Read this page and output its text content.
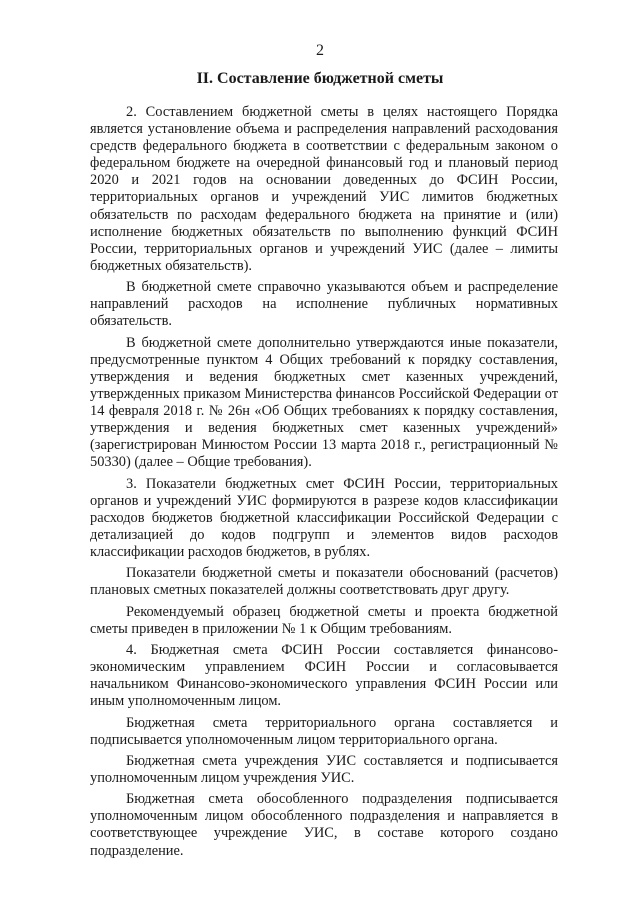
2
II. Составление бюджетной сметы

2. Составлением бюджетной сметы в целях настоящего Порядка является установление объема и распределения направлений расходования средств федерального бюджета в соответствии с федеральным законом о федеральном бюджете на очередной финансовый год и плановый период 2020 и 2021 годов на основании доведенных до ФСИН России, территориальных органов и учреждений УИС лимитов бюджетных обязательств по расходам федерального бюджета на принятие и (или) исполнение бюджетных обязательств по выполнению функций ФСИН России, территориальных органов и учреждений УИС (далее – лимиты бюджетных обязательств).

В бюджетной смете справочно указываются объем и распределение направлений расходов на исполнение публичных нормативных обязательств.

В бюджетной смете дополнительно утверждаются иные показатели, предусмотренные пунктом 4 Общих требований к порядку составления, утверждения и ведения бюджетных смет казенных учреждений, утвержденных приказом Министерства финансов Российской Федерации от 14 февраля 2018 г. № 26н «Об Общих требованиях к порядку составления, утверждения и ведения бюджетных смет казенных учреждений» (зарегистрирован Минюстом России 13 марта 2018 г., регистрационный № 50330) (далее – Общие требования).

3. Показатели бюджетных смет ФСИН России, территориальных органов и учреждений УИС формируются в разрезе кодов классификации расходов бюджетов бюджетной классификации Российской Федерации с детализацией до кодов подгрупп и элементов видов расходов классификации расходов бюджетов, в рублях.

Показатели бюджетной сметы и показатели обоснований (расчетов) плановых сметных показателей должны соответствовать друг другу.

Рекомендуемый образец бюджетной сметы и проекта бюджетной сметы приведен в приложении № 1 к Общим требованиям.

4. Бюджетная смета ФСИН России составляется финансово-экономическим управлением ФСИН России и согласовывается начальником Финансово-экономического управления ФСИН России или иным уполномоченным лицом.

Бюджетная смета территориального органа составляется и подписывается уполномоченным лицом территориального органа.

Бюджетная смета учреждения УИС составляется и подписывается уполномоченным лицом учреждения УИС.

Бюджетная смета обособленного подразделения подписывается уполномоченным лицом обособленного подразделения и направляется в соответствующее учреждение УИС, в составе которого создано подразделение.
